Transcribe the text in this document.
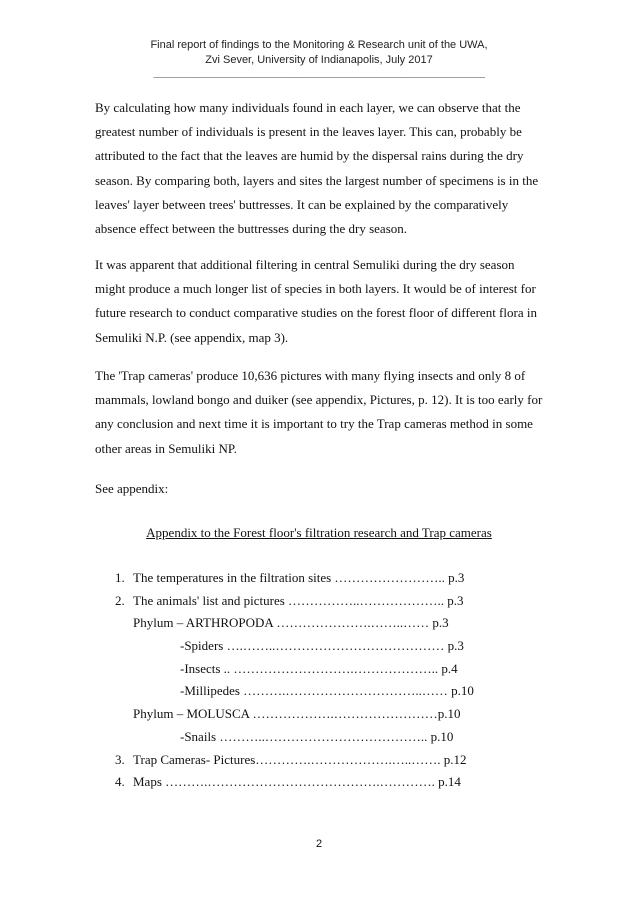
Final report of findings to the Monitoring & Research unit of the UWA,
Zvi Sever, University of Indianapolis, July 2017
______________________________________________________________________________________

By calculating how many individuals found in each layer, we can observe that the greatest number of individuals is present in the leaves layer. This can, probably be attributed to the fact that the leaves are humid by the dispersal rains during the dry season. By comparing both, layers and sites the largest number of specimens is in the leaves' layer between trees' buttresses. It can be explained by the comparatively absence effect between the buttresses during the dry season.

It was apparent that additional filtering in central Semuliki during the dry season might produce a much longer list of species in both layers. It would be of interest for future research to conduct comparative studies on the forest floor of different flora in Semuliki N.P. (see appendix, map 3).

The 'Trap cameras' produce 10,636 pictures with many flying insects and only 8 of mammals, lowland bongo and duiker (see appendix, Pictures, p. 12). It is too early for any conclusion and next time it is important to try the Trap cameras method in some other areas in Semuliki NP.

See appendix:

Appendix to the Forest floor's filtration research and Trap cameras
1. The temperatures in the filtration sites …………………….. p.3
2. The animals' list and pictures ……………..……………….. p.3
Phylum – ARTHROPODA ………………….……..…… p.3
-Spiders ….……..………………………………… p.3
-Insects .. ……………………….……………….. p.4
-Millipedes ……….…………………………..…… p.10
Phylum – MOLUSCA ……………….……………………p.10
-Snails ………..……………………………….. p.10
3. Trap Cameras- Pictures………….……………….…..……. p.12
4. Maps ……….………………………………….…………. p.14
2
